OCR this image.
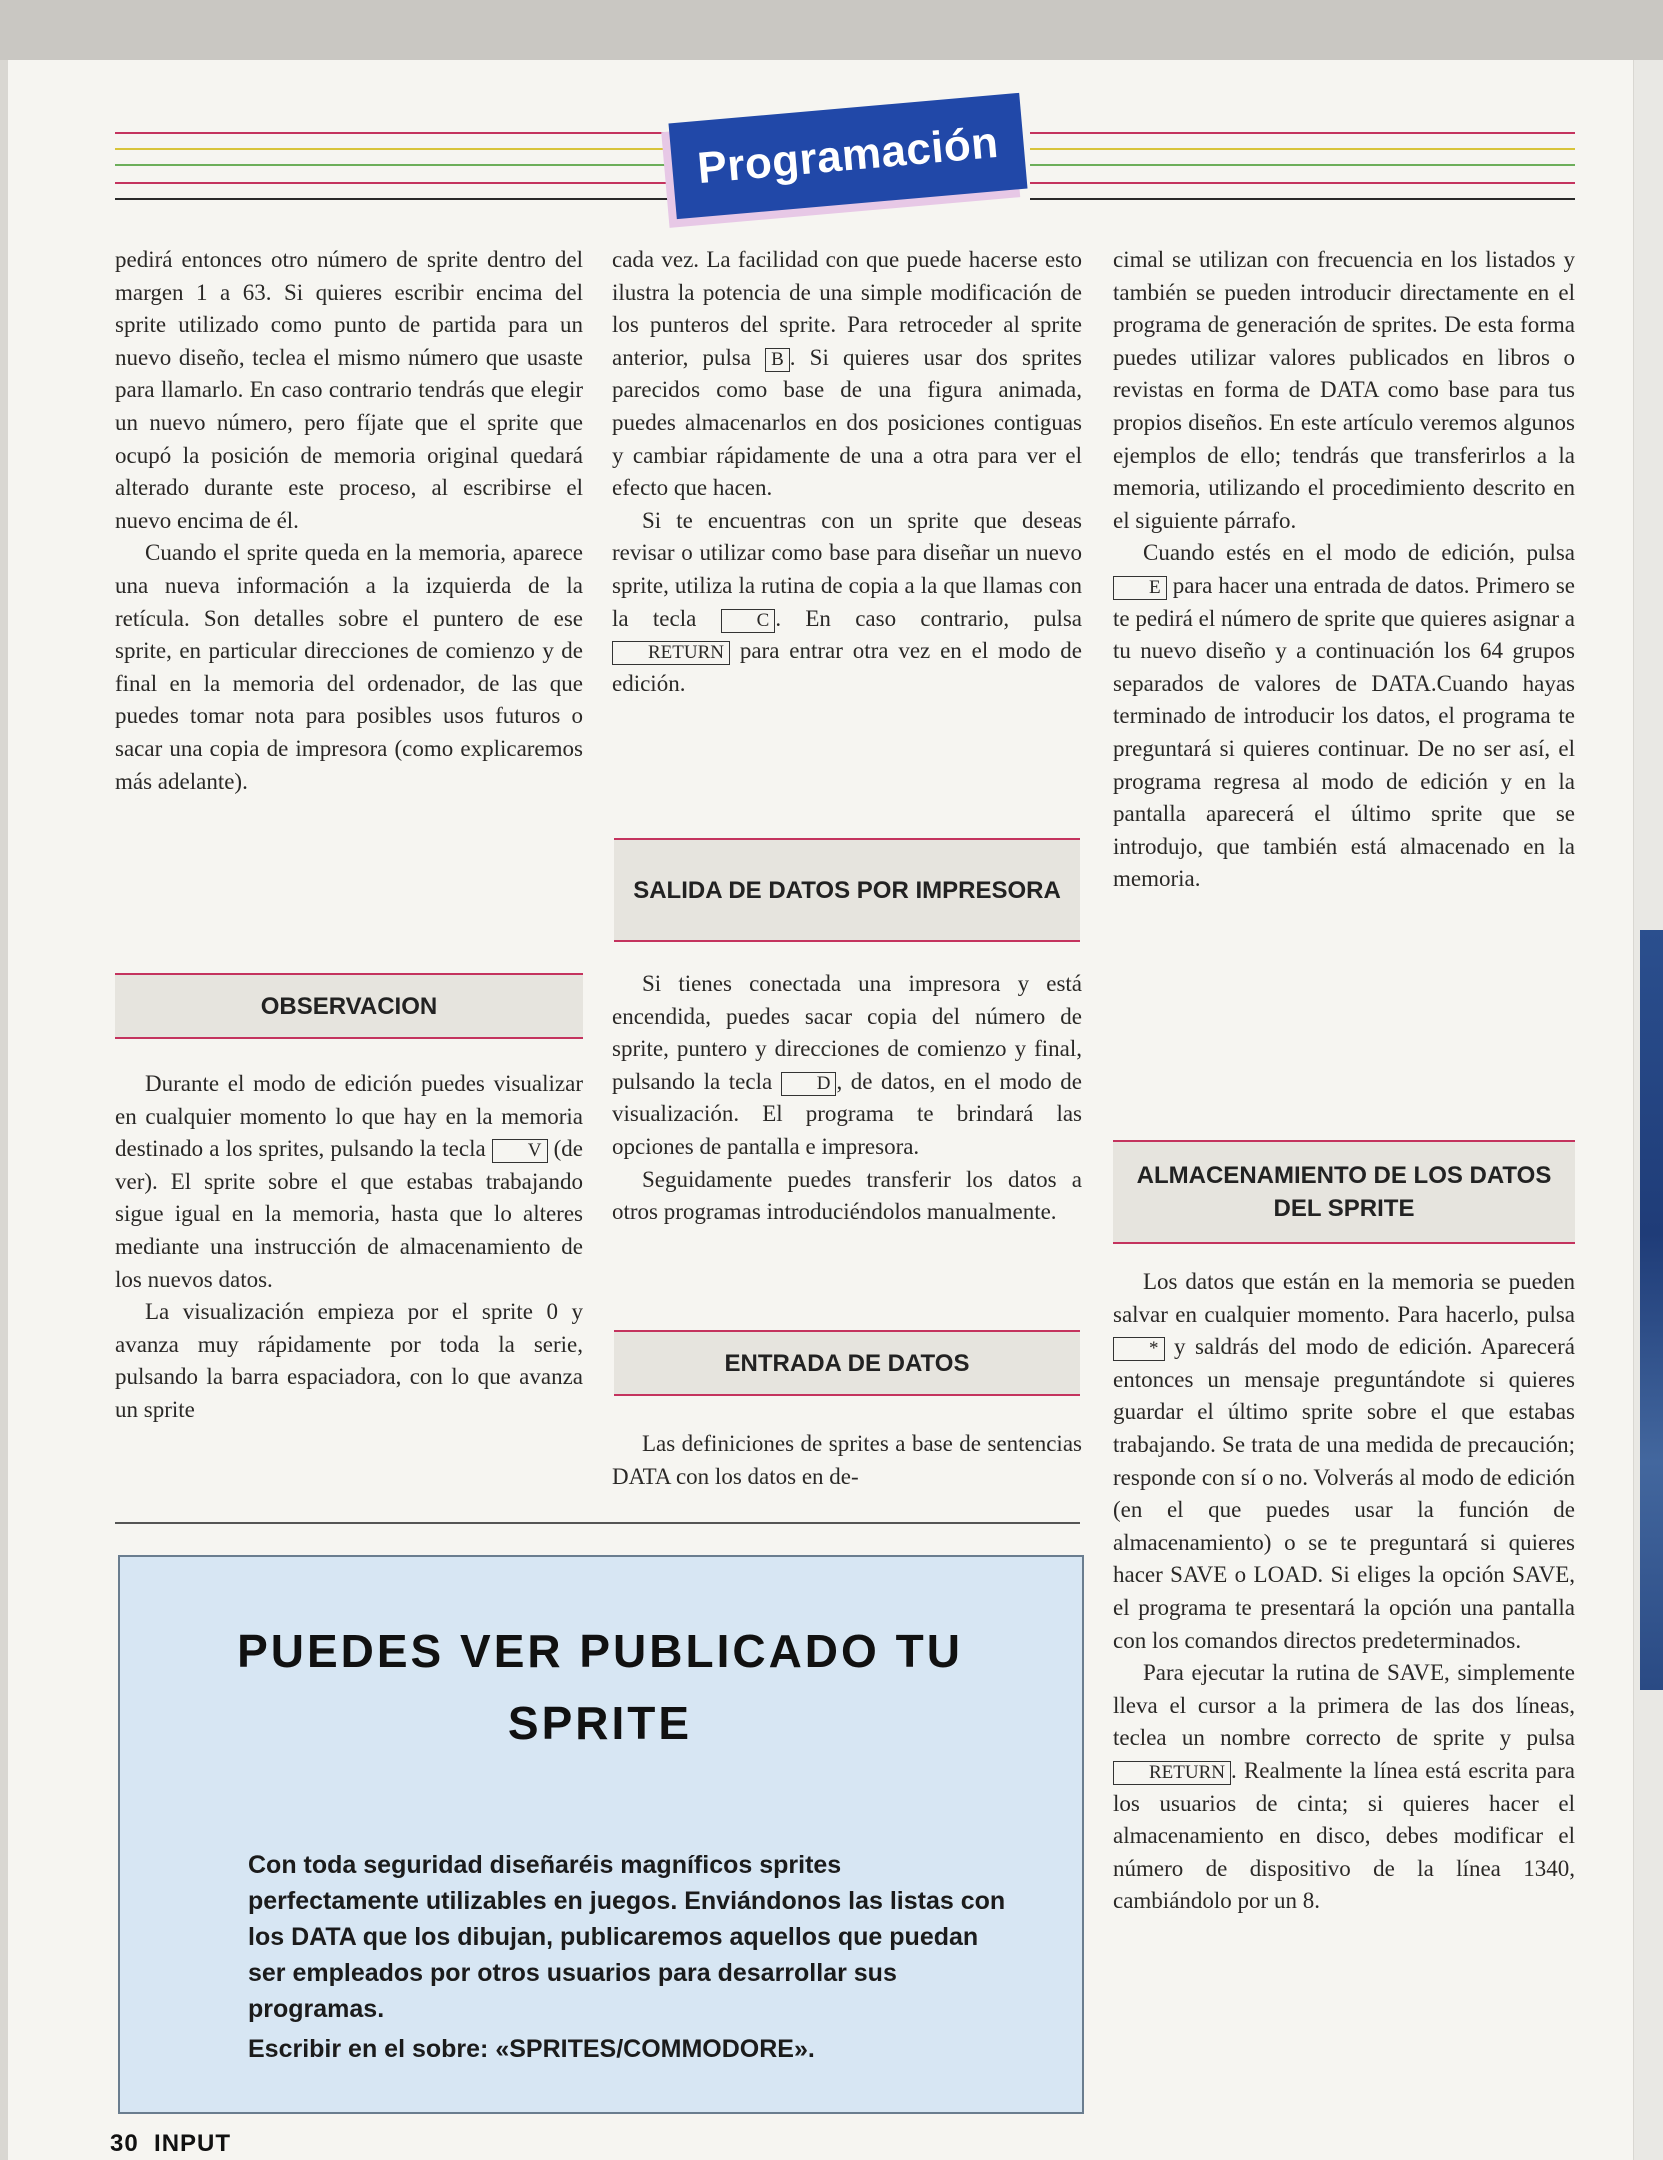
Programación

pedirá entonces otro número de sprite dentro del margen 1 a 63. Si quieres escribir encima del sprite utilizado como punto de partida para un nuevo diseño, teclea el mismo número que usaste para llamarlo. En caso contrario tendrás que elegir un nuevo número, pero fíjate que el sprite que ocupó la posición de memoria original quedará alterado durante este proceso, al escribirse el nuevo encima de él.

Cuando el sprite queda en la memoria, aparece una nueva información a la izquierda de la retícula. Son detalles sobre el puntero de ese sprite, en particular direcciones de comienzo y de final en la memoria del ordenador, de las que puedes tomar nota para posibles usos futuros o sacar una copia de impresora (como explicaremos más adelante).

OBSERVACION

Durante el modo de edición puedes visualizar en cualquier momento lo que hay en la memoria destinado a los sprites, pulsando la tecla V (de ver). El sprite sobre el que estabas trabajando sigue igual en la memoria, hasta que lo alteres mediante una instrucción de almacenamiento de los nuevos datos.

La visualización empieza por el sprite 0 y avanza muy rápidamente por toda la serie, pulsando la barra espaciadora, con lo que avanza un sprite

cada vez. La facilidad con que puede hacerse esto ilustra la potencia de una simple modificación de los punteros del sprite. Para retroceder al sprite anterior, pulsa B . Si quieres usar dos sprites parecidos como base de una figura animada, puedes almacenarlos en dos posiciones contiguas y cambiar rápidamente de una a otra para ver el efecto que hacen.

Si te encuentras con un sprite que deseas revisar o utilizar como base para diseñar un nuevo sprite, utiliza la rutina de copia a la que llamas con la tecla	C . En caso contrario, pulsa RETURN para entrar otra vez en el modo de edición.

SALIDA DE DATOS POR IMPRESORA

Si tienes conectada una impresora y está encendida, puedes sacar copia del número de sprite, puntero y direcciones de comienzo y final, pulsando la tecla D , de datos, en el modo de visualización. El programa te brindará las opciones de pantalla e impresora.

Seguidamente puedes transferir los datos a otros programas introduciéndolos manualmente.

ENTRADA DE DATOS

Las definiciones de sprites a base de sentencias DATA con los datos en de-

cimal se utilizan con frecuencia en los listados y también se pueden introducir directamente en el programa de generación de sprites. De esta forma puedes utilizar valores publicados en libros o revistas en forma de DATA como base para tus propios diseños. En este artículo veremos algunos ejemplos de ello; tendrás que transferirlos a la memoria, utilizando el procedimiento descrito en el siguiente párrafo.

Cuando estés en el modo de edición, pulsa E para hacer una entrada de datos. Primero se te pedirá el número de sprite que quieres asignar a tu nuevo diseño y a continuación los 64 grupos separados de valores de DATA.Cuando hayas terminado de introducir los datos, el programa te preguntará si quieres continuar. De no ser así, el programa regresa al modo de edición y en la pantalla aparecerá el último sprite que se introdujo, que también está almacenado en la memoria.

ALMACENAMIENTO DE LOS DATOS DEL SPRITE

Los datos que están en la memoria se pueden salvar en cualquier momento. Para hacerlo, pulsa * y saldrás del modo de edición. Aparecerá entonces un mensaje preguntándote si quieres guardar el último sprite sobre el que estabas trabajando. Se trata de una medida de precaución; responde con sí o no. Volverás al modo de edición (en el que puedes usar la función de almacenamiento) o se te preguntará si quieres hacer SAVE o LOAD. Si eliges la opción SAVE, el programa te presentará la opción una pantalla con los comandos directos predeterminados.

Para ejecutar la rutina de SAVE, simplemente lleva el cursor a la primera de las dos líneas, teclea un nombre correcto de sprite y pulsa RETURN . Realmente la línea está escrita para los usuarios de cinta; si quieres hacer el almacenamiento en disco, debes modificar el número de dispositivo de la línea 1340, cambiándolo por un 8.

PUEDES VER PUBLICADO TU SPRITE
Con toda seguridad diseñaréis magníficos sprites perfectamente utilizables en juegos. Enviándonos las listas con los DATA que los dibujan, publicaremos aquellos que puedan ser empleados por otros usuarios para desarrollar sus programas.
Escribir en el sobre: «SPRITES/COMMODORE».
30 INPUT
